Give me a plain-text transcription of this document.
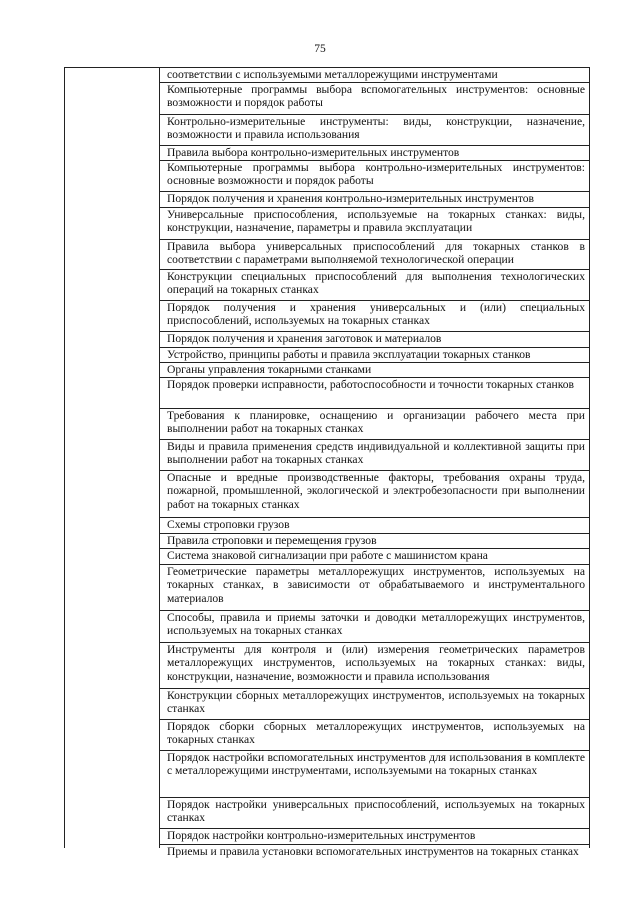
75
соответствии с используемыми металлорежущими инструментами
Компьютерные программы выбора вспомогательных инструментов: основные возможности и порядок работы
Контрольно-измерительные инструменты: виды, конструкции, назначение, возможности и правила использования
Правила выбора контрольно-измерительных инструментов
Компьютерные программы выбора контрольно-измерительных инструментов: основные возможности и порядок работы
Порядок получения и хранения контрольно-измерительных инструментов
Универсальные приспособления, используемые на токарных станках: виды, конструкции, назначение, параметры и правила эксплуатации
Правила выбора универсальных приспособлений для токарных станков в соответствии с параметрами выполняемой технологической операции
Конструкции специальных приспособлений для выполнения технологических операций на токарных станках
Порядок получения и хранения универсальных и (или) специальных приспособлений, используемых на токарных станках
Порядок получения и хранения заготовок и материалов
Устройство, принципы работы и правила эксплуатации токарных станков
Органы управления токарными станками
Порядок проверки исправности, работоспособности и точности токарных станков
Требования к планировке, оснащению и организации рабочего места при выполнении работ на токарных станках
Виды и правила применения средств индивидуальной и коллективной защиты при выполнении работ на токарных станках
Опасные и вредные производственные факторы, требования охраны труда, пожарной, промышленной, экологической и электробезопасности при выполнении работ на токарных станках
Схемы строповки грузов
Правила строповки и перемещения грузов
Система знаковой сигнализации при работе с машинистом крана
Геометрические параметры металлорежущих инструментов, используемых на токарных станках, в зависимости от обрабатываемого и инструментального материалов
Способы, правила и приемы заточки и доводки металлорежущих инструментов, используемых на токарных станках
Инструменты для контроля и (или) измерения геометрических параметров металлорежущих инструментов, используемых на токарных станках: виды, конструкции, назначение, возможности и правила использования
Конструкции сборных металлорежущих инструментов, используемых на токарных станках
Порядок сборки сборных металлорежущих инструментов, используемых на токарных станках
Порядок настройки вспомогательных инструментов для использования в комплекте с металлорежущими инструментами, используемыми на токарных станках
Порядок настройки универсальных приспособлений, используемых на токарных станках
Порядок настройки контрольно-измерительных инструментов
Приемы и правила установки вспомогательных инструментов на токарных станках
